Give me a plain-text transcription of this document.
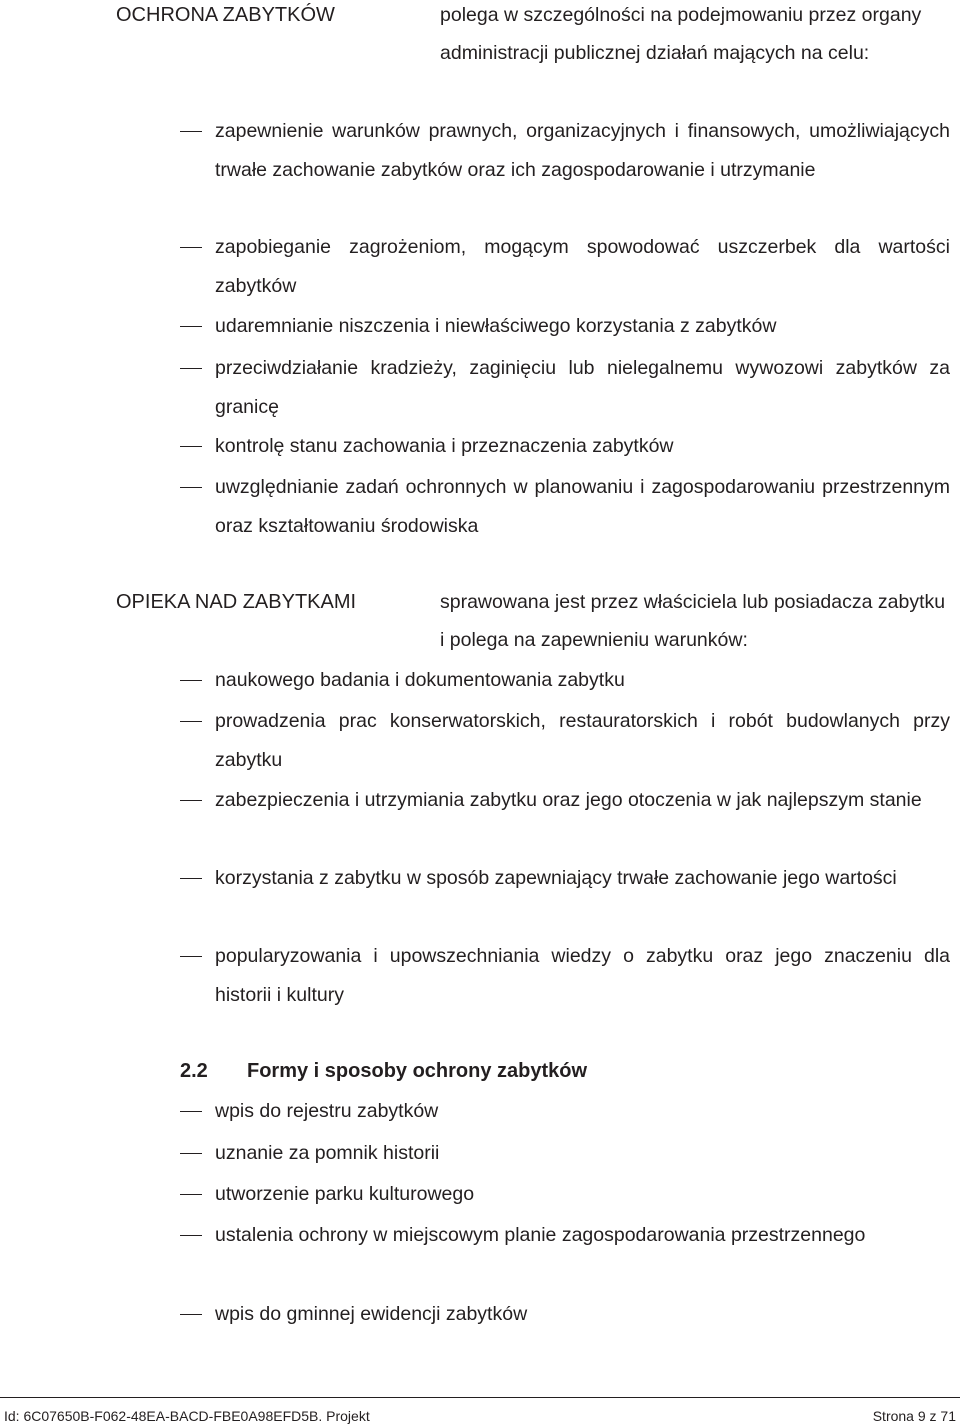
OCHRONA ZABYTKÓW	polega w szczególności na podejmowaniu przez organy administracji publicznej działań mających na celu:
zapewnienie warunków prawnych, organizacyjnych i finansowych, umożliwiających trwałe zachowanie zabytków oraz ich zagospodarowanie i utrzymanie
zapobieganie zagrożeniom, mogącym spowodować uszczerbek dla wartości zabytków
udaremnianie niszczenia i niewłaściwego korzystania z zabytków
przeciwdziałanie kradzieży, zaginięciu lub nielegalnemu wywozowi zabytków za granicę
kontrolę stanu zachowania i przeznaczenia zabytków
uwzględnianie zadań ochronnych w planowaniu i zagospodarowaniu przestrzennym oraz kształtowaniu środowiska
OPIEKA NAD ZABYTKAMI	sprawowana jest przez właściciela lub posiadacza zabytku i polega na zapewnieniu warunków:
naukowego badania i dokumentowania zabytku
prowadzenia prac konserwatorskich, restauratorskich i robót budowlanych przy zabytku
zabezpieczenia i utrzymiania zabytku oraz jego otoczenia w jak najlepszym stanie
korzystania z zabytku w sposób zapewniający trwałe zachowanie jego wartości
popularyzowania i upowszechniania wiedzy o zabytku oraz jego znaczeniu dla historii i kultury
2.2 Formy i sposoby ochrony zabytków
wpis do rejestru zabytków
uznanie za pomnik historii
utworzenie parku kulturowego
ustalenia ochrony w miejscowym planie zagospodarowania przestrzennego
wpis do gminnej ewidencji zabytków
Id: 6C07650B-F062-48EA-BACD-FBE0A98EFD5B. Projekt	Strona 9 z 71
